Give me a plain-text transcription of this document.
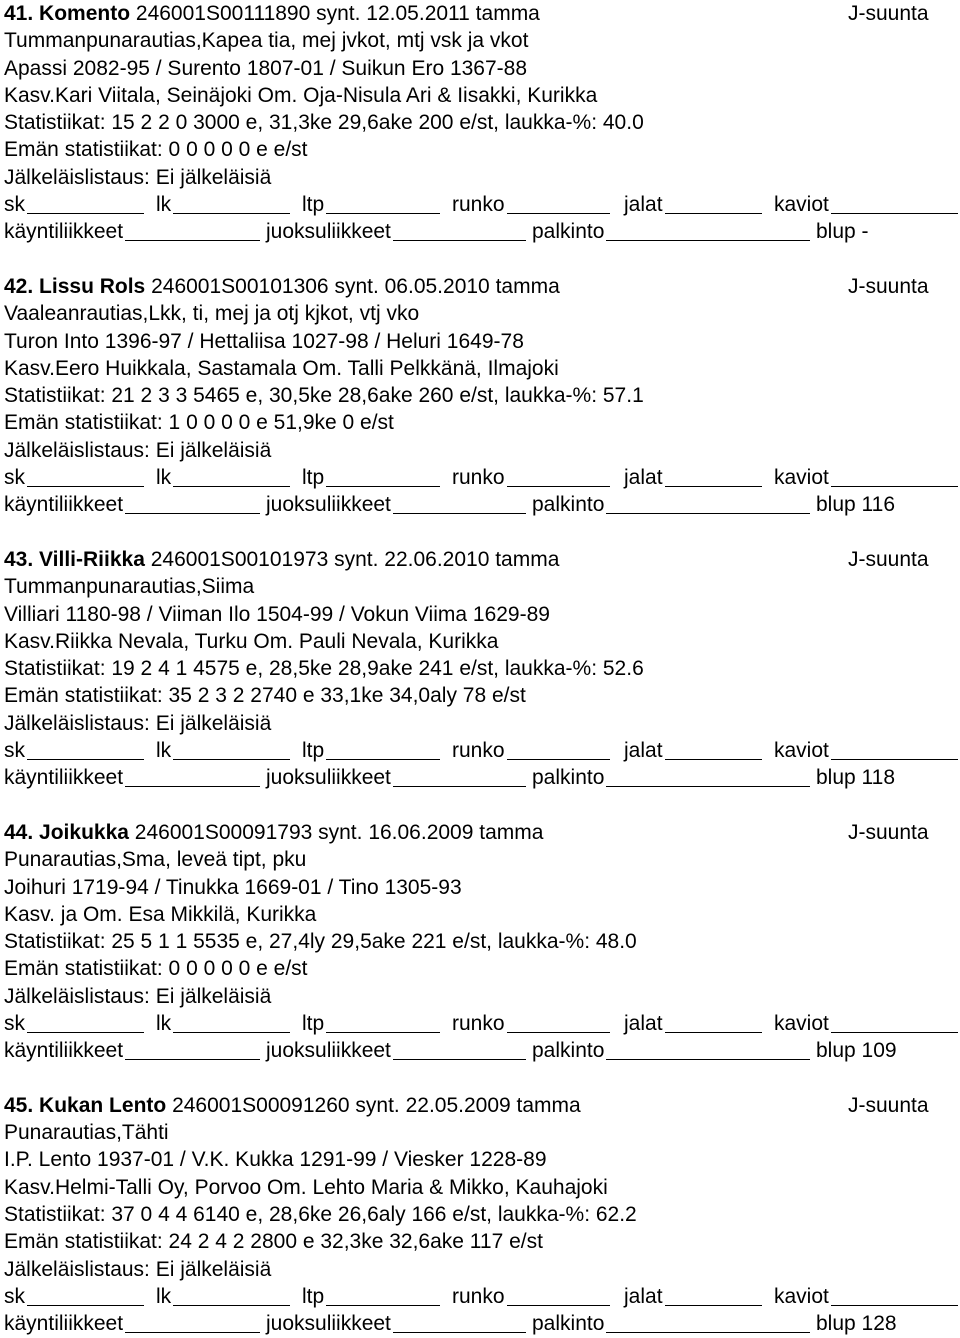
41. Komento 246001S00111890 synt. 12.05.2011 tamma	J-suunta
Tummanpunarautias,Kapea tia, mej jvkot, mtj vsk ja vkot
Apassi 2082-95 / Surento 1807-01 / Suikun Ero 1367-88
Kasv.Kari Viitala, Seinäjoki Om. Oja-Nisula Ari & Iisakki, Kurikka
Statistiikat: 15 2 2 0 3000 e, 31,3ke 29,6ake 200 e/st, laukka-%: 40.0
Emän statistiikat: 0 0 0 0 0 e e/st
Jälkeläislistaus: Ei jälkeläisiä
sk	lk	ltp	runko	jalat	kaviot
käyntiliikkeet	juoksuliikkeet	palkinto	blup -
42. Lissu Rols 246001S00101306 synt. 06.05.2010 tamma	J-suunta
Vaaleanrautias,Lkk, ti, mej ja otj kjkot, vtj vko
Turon Into 1396-97 / Hettaliisa 1027-98 / Heluri 1649-78
Kasv.Eero Huikkala, Sastamala Om. Talli Pelkkänä, Ilmajoki
Statistiikat: 21 2 3 3 5465 e, 30,5ke 28,6ake 260 e/st, laukka-%: 57.1
Emän statistiikat: 1 0 0 0 0 e 51,9ke 0 e/st
Jälkeläislistaus: Ei jälkeläisiä
sk	lk	ltp	runko	jalat	kaviot
käyntiliikkeet	juoksuliikkeet	palkinto	blup 116
43. Villi-Riikka 246001S00101973 synt. 22.06.2010 tamma	J-suunta
Tummanpunarautias,Siima
Villiari 1180-98 / Viiman Ilo 1504-99 / Vokun Viima 1629-89
Kasv.Riikka Nevala, Turku Om. Pauli Nevala, Kurikka
Statistiikat: 19 2 4 1 4575 e, 28,5ke 28,9ake 241 e/st, laukka-%: 52.6
Emän statistiikat: 35 2 3 2 2740 e 33,1ke 34,0aly 78 e/st
Jälkeläislistaus: Ei jälkeläisiä
sk	lk	ltp	runko	jalat	kaviot
käyntiliikkeet	juoksuliikkeet	palkinto	blup 118
44. Joikukka 246001S00091793 synt. 16.06.2009 tamma	J-suunta
Punarautias,Sma, leveä tipt, pku
Joihuri 1719-94 / Tinukka 1669-01 / Tino 1305-93
Kasv. ja Om. Esa Mikkilä, Kurikka
Statistiikat: 25 5 1 1 5535 e, 27,4ly 29,5ake 221 e/st, laukka-%: 48.0
Emän statistiikat: 0 0 0 0 0 e e/st
Jälkeläislistaus: Ei jälkeläisiä
sk	lk	ltp	runko	jalat	kaviot
käyntiliikkeet	juoksuliikkeet	palkinto	blup 109
45. Kukan Lento 246001S00091260 synt. 22.05.2009 tamma	J-suunta
Punarautias,Tähti
I.P. Lento 1937-01 / V.K. Kukka 1291-99 / Viesker 1228-89
Kasv.Helmi-Talli Oy, Porvoo Om. Lehto Maria & Mikko, Kauhajoki
Statistiikat: 37 0 4 4 6140 e, 28,6ke 26,6aly 166 e/st, laukka-%: 62.2
Emän statistiikat: 24 2 4 2 2800 e 32,3ke 32,6ake 117 e/st
Jälkeläislistaus: Ei jälkeläisiä
sk	lk	ltp	runko	jalat	kaviot
käyntiliikkeet	juoksuliikkeet	palkinto	blup 128
